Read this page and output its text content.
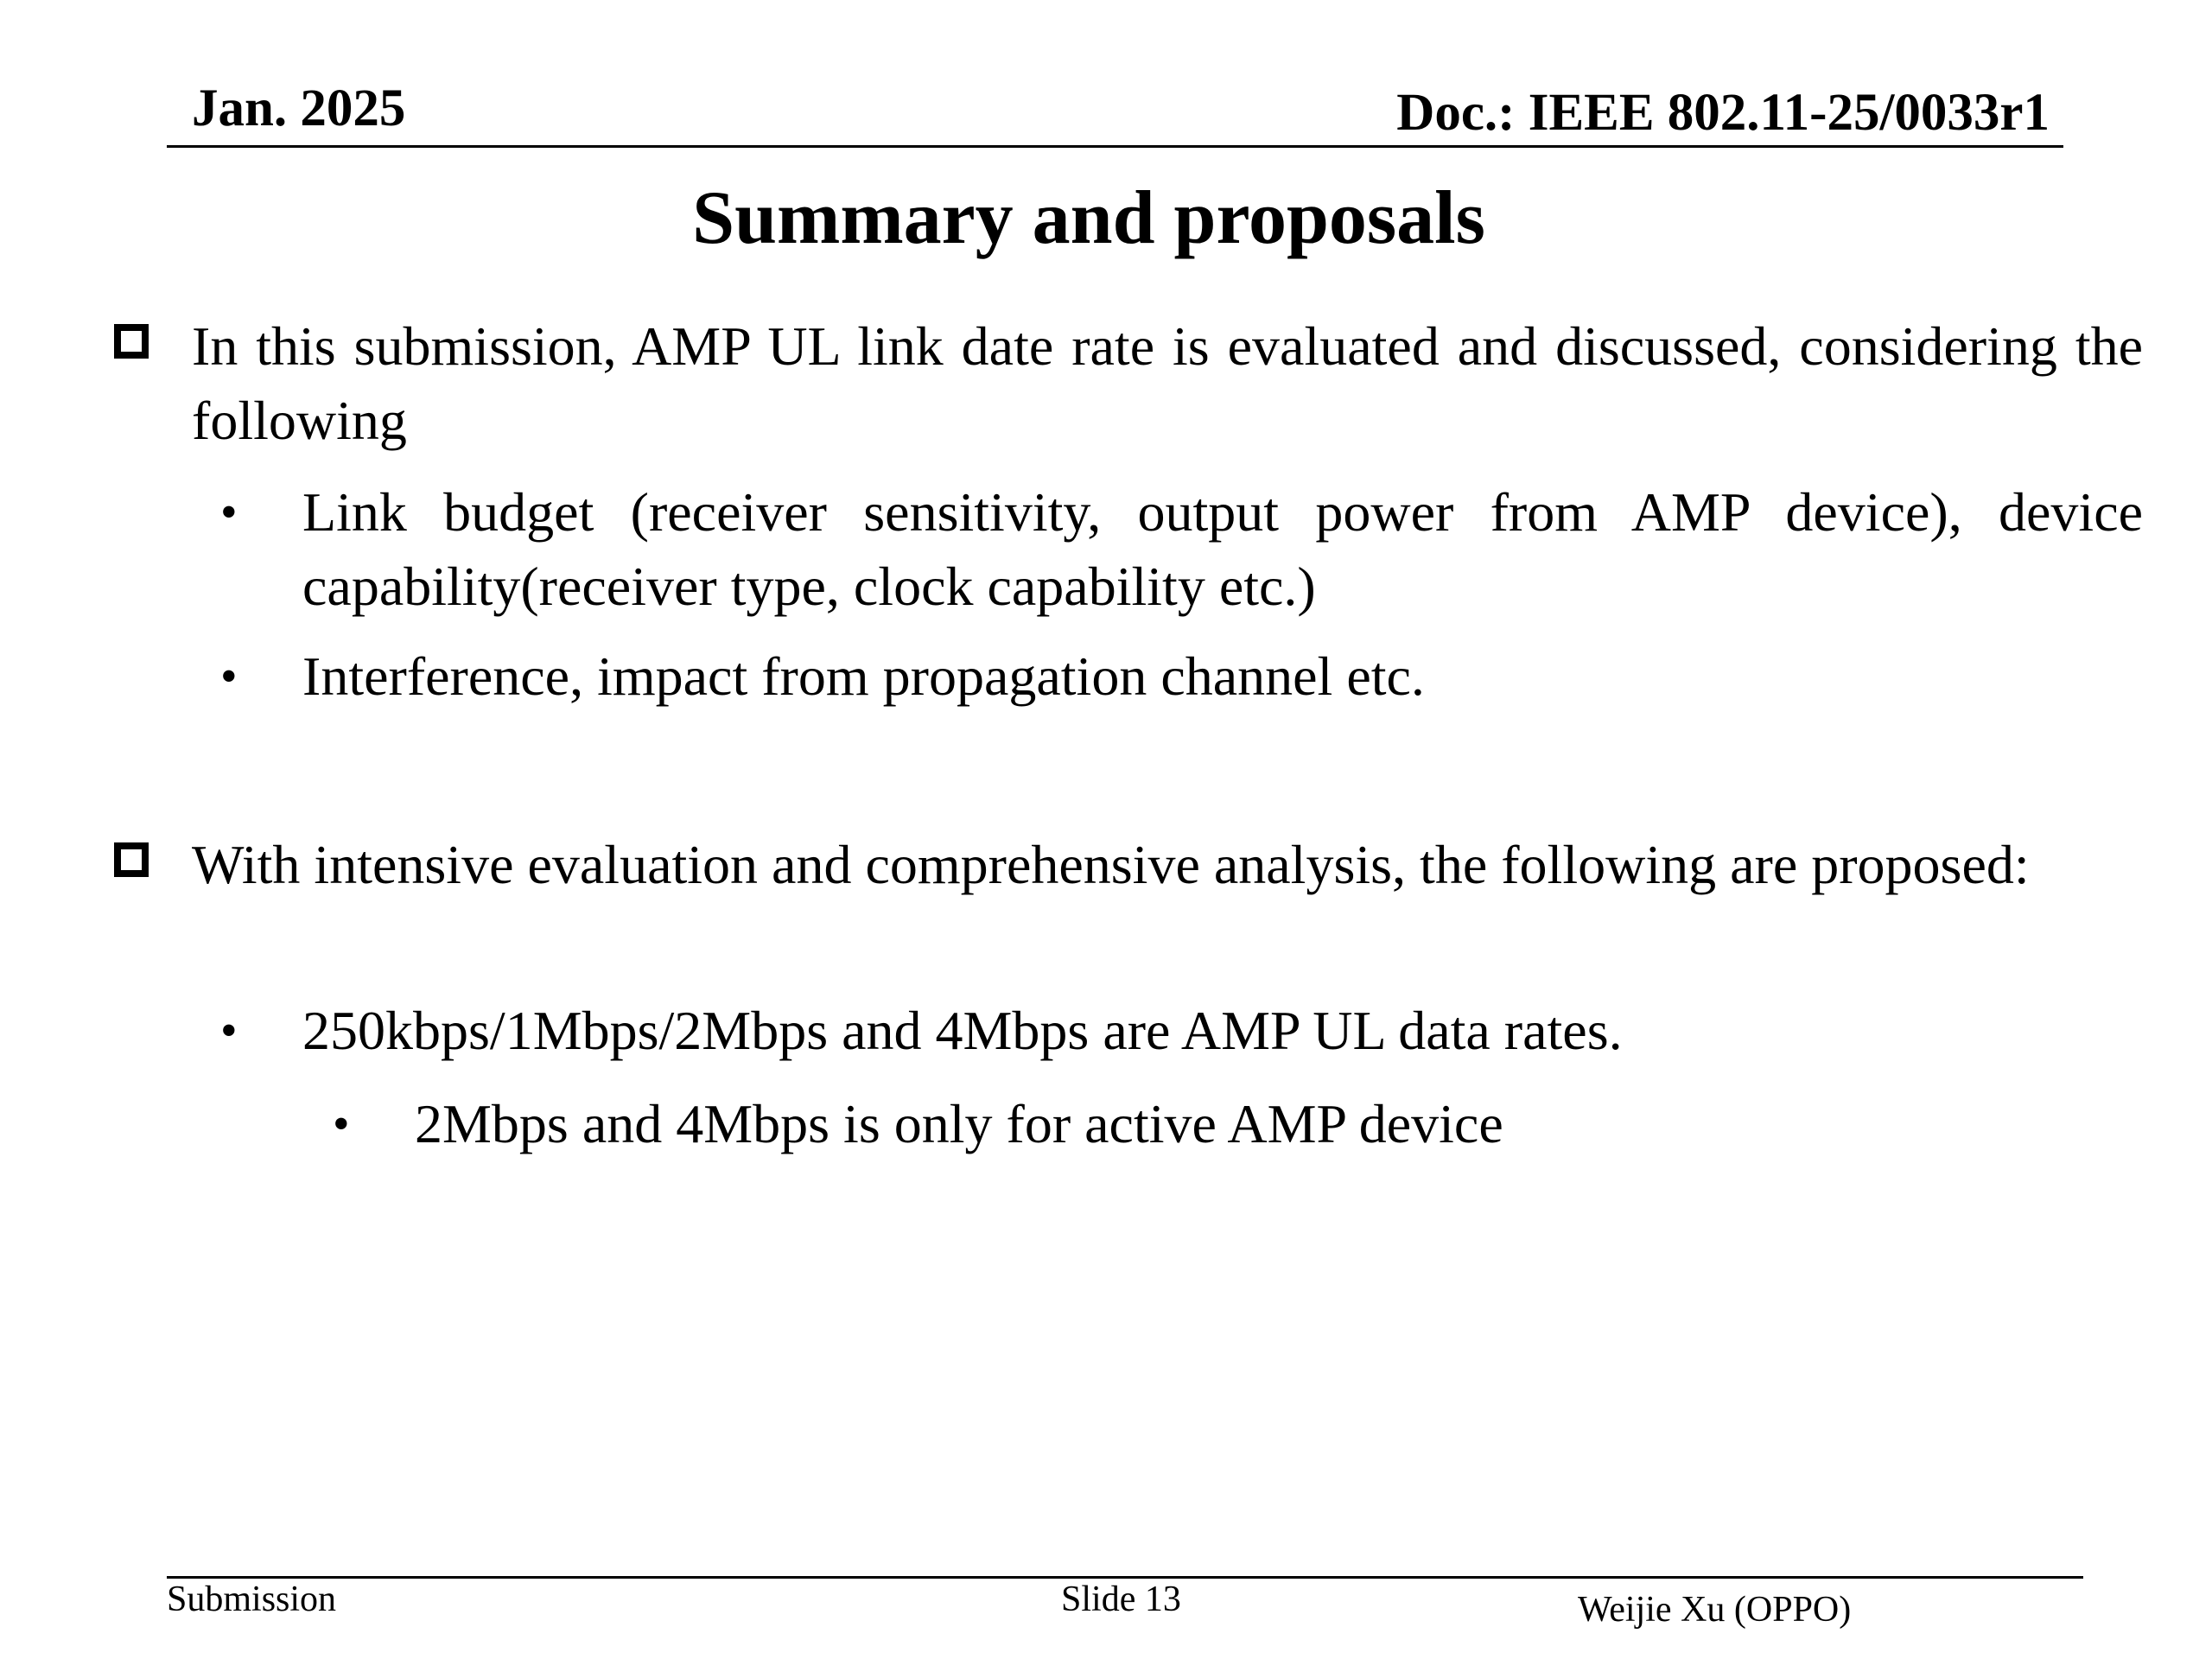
Jan. 2025	Doc.: IEEE 802.11-25/0033r1
Summary and proposals
In this submission, AMP UL link date rate is evaluated and discussed, considering the following
• Link budget (receiver sensitivity, output power from AMP device), device capability(receiver type, clock capability etc.)
• Interference, impact from propagation channel etc.
With intensive evaluation and comprehensive analysis, the following are proposed:
• 250kbps/1Mbps/2Mbps and 4Mbps are AMP UL data rates.
• 2Mbps and 4Mbps is only for active AMP device
Submission	Slide 13	Weijie Xu (OPPO)
